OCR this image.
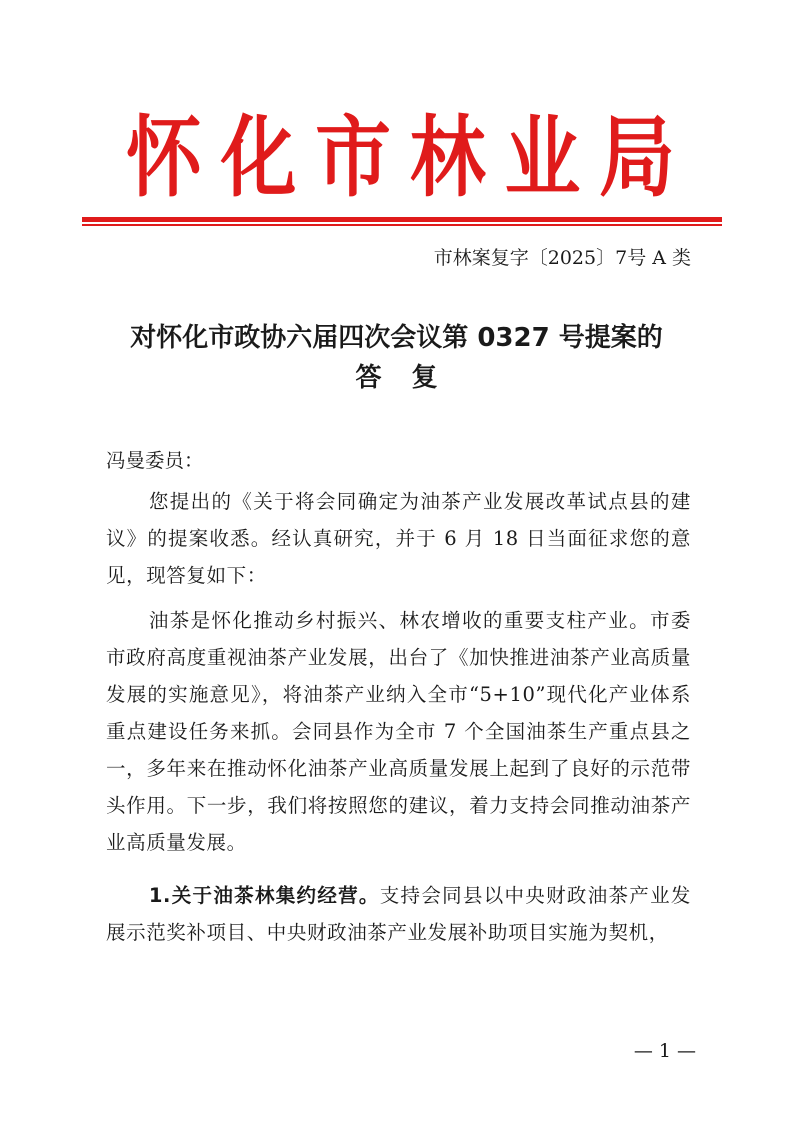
怀化市林业局
市林案复字〔2025〕7号 A 类
对怀化市政协六届四次会议第 0327 号提案的
答复
冯曼委员：

您提出的《关于将会同确定为油茶产业发展改革试点县的建议》的提案收悉。经认真研究，并于 6 月 18 日当面征求您的意见，现答复如下：

油茶是怀化推动乡村振兴、林农增收的重要支柱产业。市委市政府高度重视油茶产业发展，出台了《加快推进油茶产业高质量发展的实施意见》，将油茶产业纳入全市“5+10”现代化产业体系重点建设任务来抓。会同县作为全市 7 个全国油茶生产重点县之一，多年来在推动怀化油茶产业高质量发展上起到了良好的示范带头作用。下一步，我们将按照您的建议，着力支持会同推动油茶产业高质量发展。

1.关于油茶林集约经营。支持会同县以中央财政油茶产业发展示范奖补项目、中央财政油茶产业发展补助项目实施为契机，

— 1 —
